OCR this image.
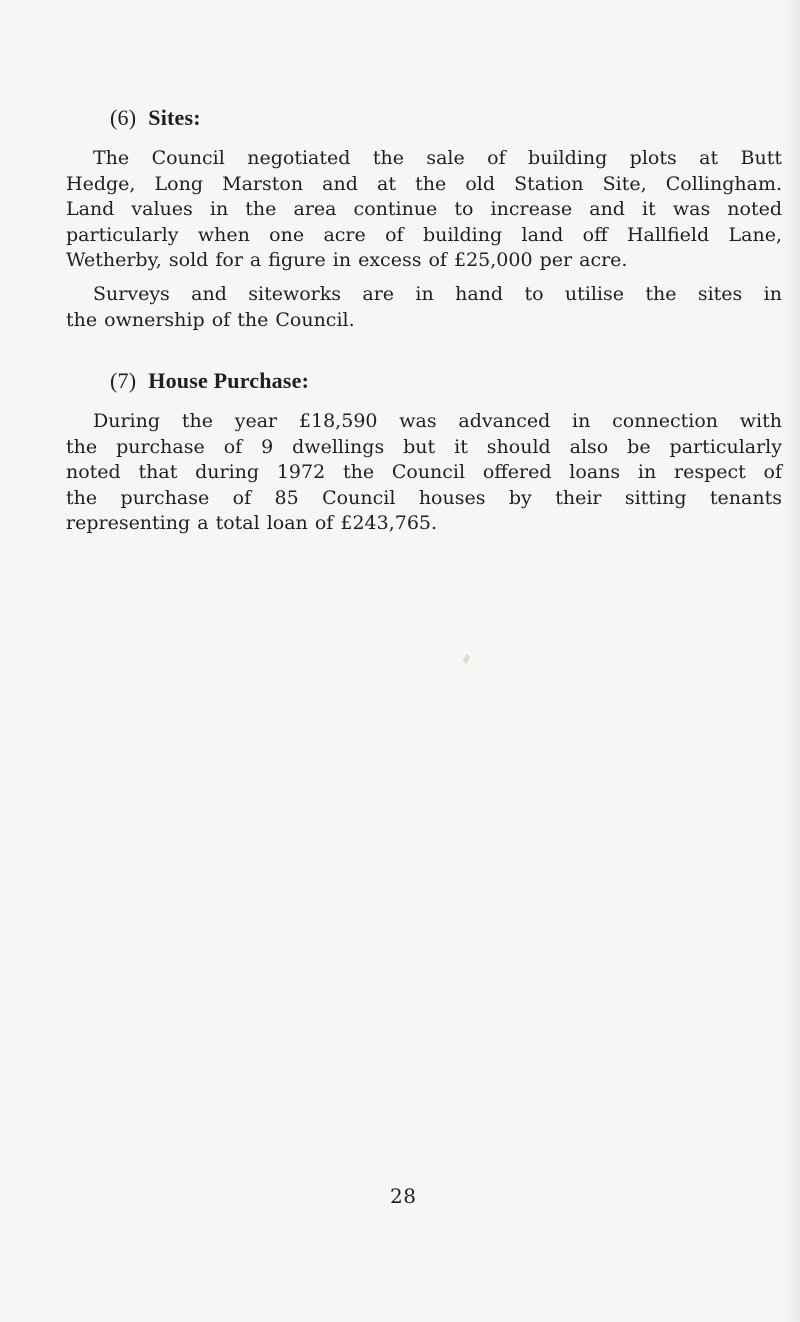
(6) Sites:
The Council negotiated the sale of building plots at Butt
Hedge, Long Marston and at the old Station Site, Collingham.
Land values in the area continue to increase and it was noted
particularly when one acre of building land off Hallfield Lane,
Wetherby, sold for a figure in excess of £25,000 per acre.
Surveys and siteworks are in hand to utilise the sites in
the ownership of the Council.
(7) House Purchase:
During the year £18,590 was advanced in connection with
the purchase of 9 dwellings but it should also be particularly
noted that during 1972 the Council offered loans in respect of
the purchase of 85 Council houses by their sitting tenants
representing a total loan of £243,765.
28
